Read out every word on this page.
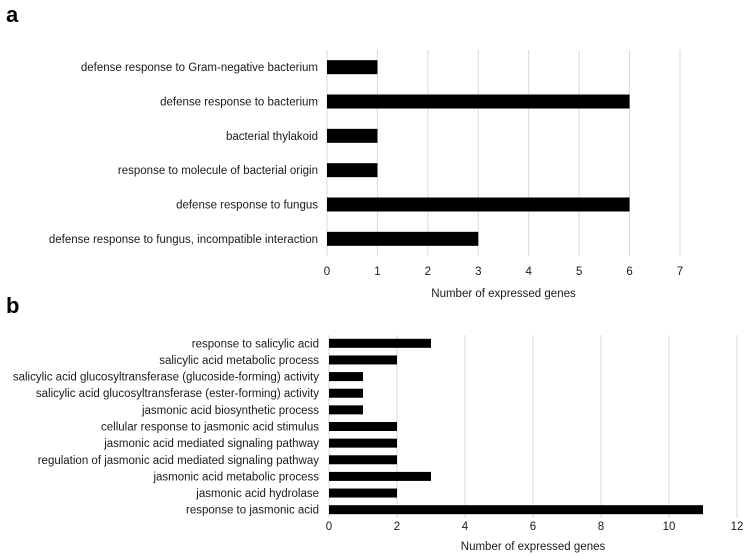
a
0	1	2	3	4	5	6	7
defense response to Gram-negative bacterium
defense response to bacterium
bacterial thylakoid
response to molecule of bacterial origin
defense response to fungus
defense response to fungus, incompatible interaction
Number of expressed genes
b
0	2	4	6	8	10	12
response to salicylic acid
salicylic acid metabolic process
salicylic acid glucosyltransferase (glucoside-forming) activity
salicylic acid glucosyltransferase (ester-forming) activity
jasmonic acid biosynthetic process
cellular response to jasmonic acid stimulus
jasmonic acid mediated signaling pathway
regulation of jasmonic acid mediated signaling pathway
jasmonic acid metabolic process
jasmonic acid hydrolase
response to jasmonic acid
Number of expressed genes
